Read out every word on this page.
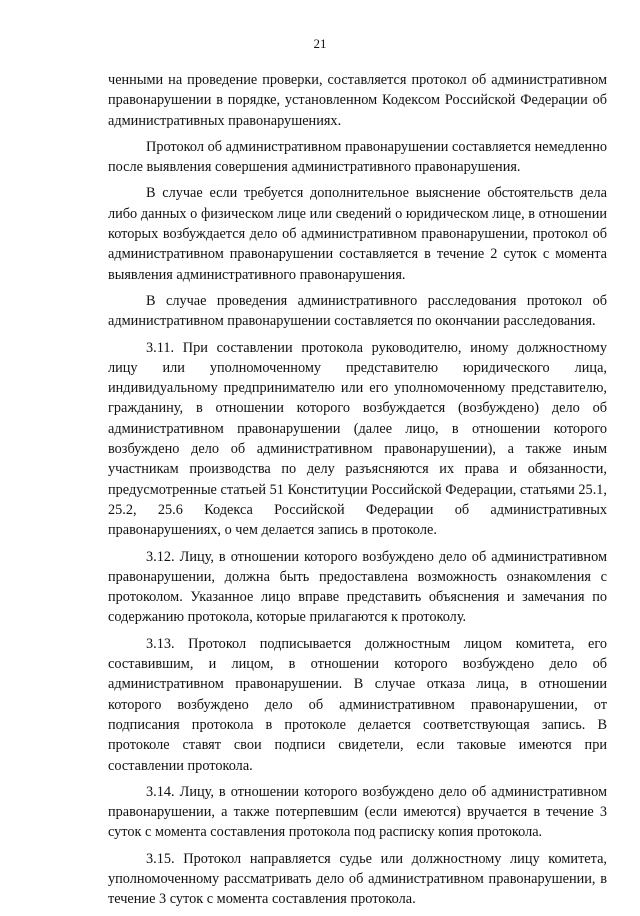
21

ченными на проведение проверки, составляется протокол об административном правонарушении в порядке, установленном Кодексом Российской Федерации об административных правонарушениях.

Протокол об административном правонарушении составляется немедленно после выявления совершения административного правонарушения.

В случае если требуется дополнительное выяснение обстоятельств дела либо данных о физическом лице или сведений о юридическом лице, в отношении которых возбуждается дело об административном правонарушении, протокол об административном правонарушении составляется в течение 2 суток с момента выявления административного правонарушения.

В случае проведения административного расследования протокол об административном правонарушении составляется по окончании расследования.

3.11. При составлении протокола руководителю, иному должностному лицу или уполномоченному представителю юридического лица, индивидуальному предпринимателю или его уполномоченному представителю, гражданину, в отношении которого возбуждается (возбуждено) дело об административном правонарушении (далее лицо, в отношении которого возбуждено дело об административном правонарушении), а также иным участникам производства по делу разъясняются их права и обязанности, предусмотренные статьей 51 Конституции Российской Федерации, статьями 25.1, 25.2, 25.6 Кодекса Российской Федерации об административных правонарушениях, о чем делается запись в протоколе.

3.12. Лицу, в отношении которого возбуждено дело об административном правонарушении, должна быть предоставлена возможность ознакомления с протоколом. Указанное лицо вправе представить объяснения и замечания по содержанию протокола, которые прилагаются к протоколу.

3.13. Протокол подписывается должностным лицом комитета, его составившим, и лицом, в отношении которого возбуждено дело об административном правонарушении. В случае отказа лица, в отношении которого возбуждено дело об административном правонарушении, от подписания протокола в протоколе делается соответствующая запись. В протоколе ставят свои подписи свидетели, если таковые имеются при составлении протокола.

3.14. Лицу, в отношении которого возбуждено дело об административном правонарушении, а также потерпевшим (если имеются) вручается в течение 3 суток с момента составления протокола под расписку копия протокола.

3.15. Протокол направляется судье или должностному лицу комитета, уполномоченному рассматривать дело об административном правонарушении, в течение 3 суток с момента составления протокола.
